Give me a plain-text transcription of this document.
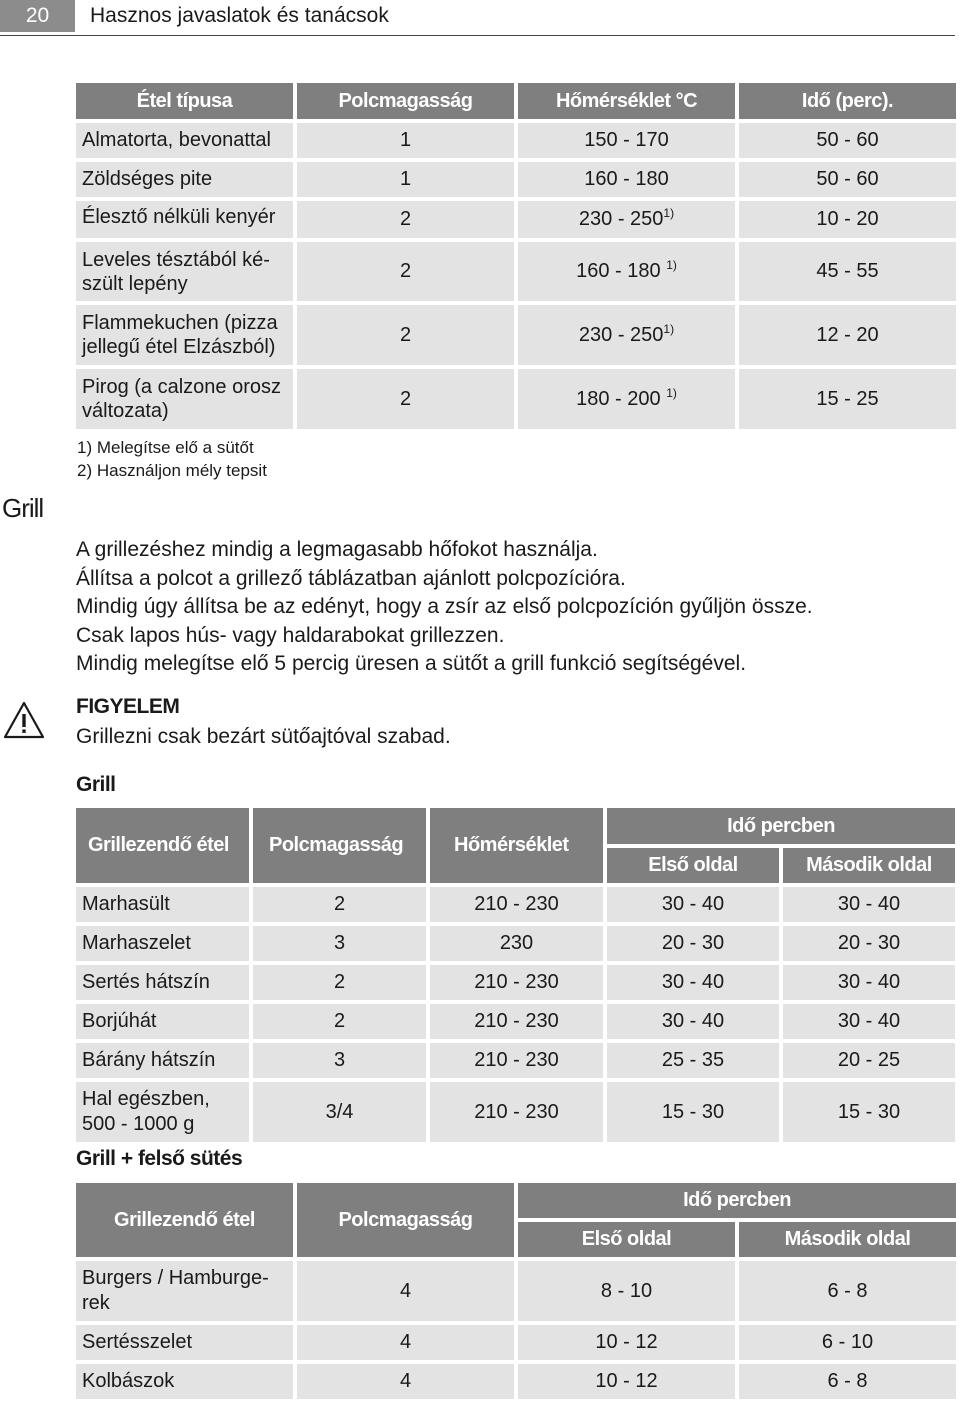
20	Hasznos javaslatok és tanácsok
Étel típusa	Polcmagasság	Hőmérséklet °C	Idő (perc).
Almatorta, bevonattal	1	150 - 170	50 - 60
Zöldséges pite	1	160 - 180	50 - 60
Élesztő nélküli kenyér	2	230 - 250$^{1)}$	10 - 20
Leveles tésztából ké-
szült lepény	2	160 - 180 $^{1)}$	45 - 55
Flammekuchen (pizza
jellegű étel Elzászból)	2	230 - 250$^{1)}$	12 - 20
Pirog (a calzone orosz
változata)	2	180 - 200 $^{1)}$	15 - 25
1) Melegítse elő a sütőt
2) Használjon mély tepsit
Grill
A grillezéshez mindig a legmagasabb hőfokot használja.
Állítsa a polcot a grillező táblázatban ajánlott polcpozícióra.
Mindig úgy állítsa be az edényt, hogy a zsír az első polcpozíción gyűljön össze.
Csak lapos hús- vagy haldarabokat grillezzen.
Mindig melegítse elő 5 percig üresen a sütőt a grill funkció segítségével.
FIGYELEM
Grillezni csak bezárt sütőajtóval szabad.
Grill
Grillezendő étel	Polcmagasság	Hőmérséklet	Idő percben	
			Első oldal	Második oldal
Marhasült	2	210 - 230	30 - 40	30 - 40
Marhaszelet	3	230	20 - 30	20 - 30
Sertés hátszín	2	210 - 230	30 - 40	30 - 40
Borjúhát	2	210 - 230	30 - 40	30 - 40
Bárány hátszín	3	210 - 230	25 - 35	20 - 25
Hal egészben,
500 - 1000 g	3/4	210 - 230	15 - 30	15 - 30
Grill + felső sütés
Grillezendő étel	Polcmagasság	Idő percben	
		Első oldal	Második oldal
Burgers / Hamburge-
rek	4	8 - 10	6 - 8
Sertésszelet	4	10 - 12	6 - 10
Kolbászok	4	10 - 12	6 - 8
